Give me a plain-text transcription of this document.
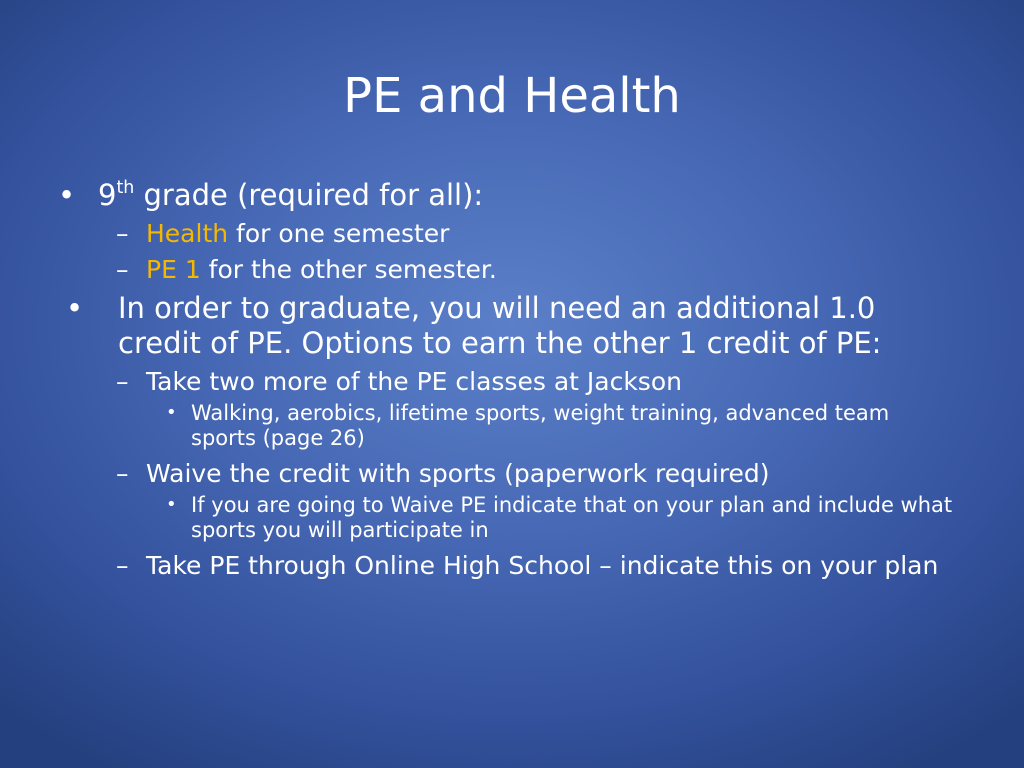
PE and Health
• 9th grade (required for all):
– Health for one semester
– PE 1 for the other semester.
• In order to graduate, you will need an additional 1.0 credit of PE. Options to earn the other 1 credit of PE:
– Take two more of the PE classes at Jackson
• Walking, aerobics, lifetime sports, weight training, advanced team sports (page 26)
– Waive the credit with sports (paperwork required)
• If you are going to Waive PE indicate that on your plan and include what sports you will participate in
– Take PE through Online High School – indicate this on your plan
